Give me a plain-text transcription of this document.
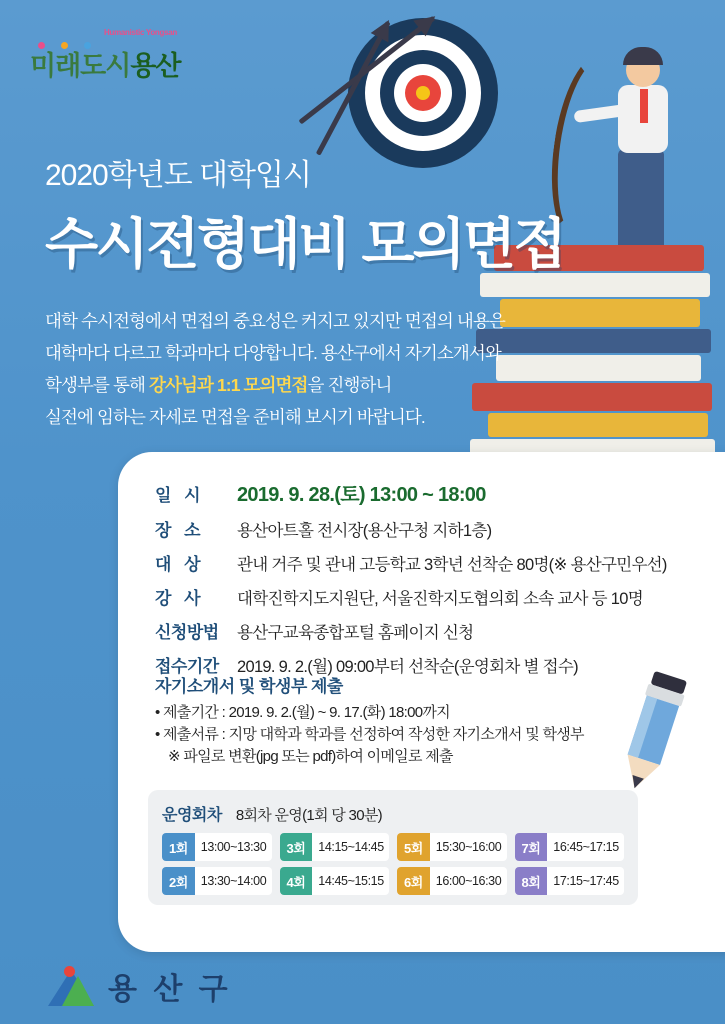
Humanistic Yongsan
미래도시용산
2020학년도 대학입시
수시전형대비 모의면접
대학 수시전형에서 면접의 중요성은 커지고 있지만 면접의 내용은
대학마다 다르고 학과마다 다양합니다. 용산구에서 자기소개서와
학생부를 통해 강사님과 1:1 모의면접을 진행하니
실전에 임하는 자세로 면접을 준비해 보시기 바랍니다.
일 시	2019. 9. 28.(토) 13:00 ~ 18:00
장 소	용산아트홀 전시장(용산구청 지하1층)
대 상	관내 거주 및 관내 고등학교 3학년 선착순 80명(※ 용산구민우선)
강 사	대학진학지도지원단, 서울진학지도협의회 소속 교사 등 10명
신청방법	용산구교육종합포털 홈페이지 신청
접수기간	2019. 9. 2.(월) 09:00부터 선착순(운영회차 별 접수)
자기소개서 및 학생부 제출
• 제출기간 : 2019. 9. 2.(월) ~ 9. 17.(화) 18:00까지
• 제출서류 : 지망 대학과 학과를 선정하여 작성한 자기소개서 및 학생부
※ 파일로 변환(jpg 또는 pdf)하여 이메일로 제출
운영회차 8회차 운영(1회 당 30분)
1회	13:00~13:30	3회	14:15~14:45	5회	15:30~16:00	7회	16:45~17:15
2회	13:30~14:00	4회	14:45~15:15	6회	16:00~16:30	8회	17:15~17:45
※ 문의 : 용산구청 인재양성과(☎ 2199-6470)
용 산 구
